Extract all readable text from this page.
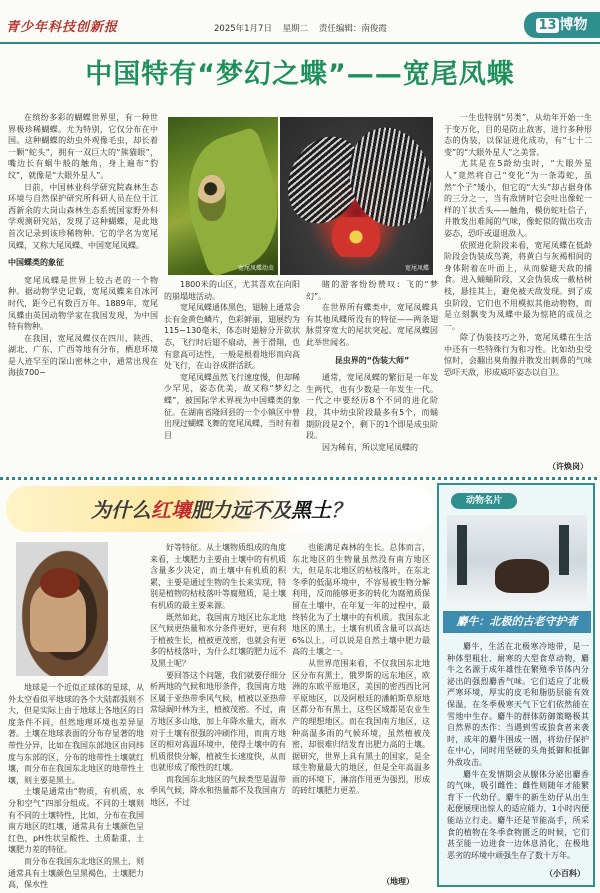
青少年科技创新报	2025年1月7日 星期二 责任编辑：南俊霞	13 博物
中国特有“梦幻之蝶”——宽尾凤蝶

在缤纷多彩的蝴蝶世界里，有一种世界极珍稀蝴蝶。尤为特别，它仅分布在中国。这种蝴蝶的幼虫外观像毛虫，却长着一颗“蛇头”，拥有一双巨大的“熊猫眼”，嘴边长有蜗牛般的触角，身上遍布“豹纹”，就像是“大眼外星人”。

日前，中国林业科学研究院森林生态环境与自然保护研究所科研人员在位于江西新余的大岗山森林生态系统国家野外科学观测研究站，发现了这种蝴蝶，是此地首次记录到该珍稀物种。它的学名为宽尾凤蝶，又称大尾凤蝶、中国宽尾凤蝶。

中国蝶类的象征

宽尾凤蝶是世界上较古老的一个物种。据动物学史记载，宽尾凤蝶来自冰河时代，距今已有数百万年。1889年，宽尾凤蝶由英国动物学家在我国发现，为中国特有物种。

在我国，宽尾凤蝶仅在四川、陕西、湖北、广东、广西等地有分布，栖息环境是人迹罕至的深山密林之中，通常出现在海拔700~

宽尾凤蝶幼虫	宽尾凤蝶

1800米的山区，尤其喜欢在向阳的崩塌地活动。

宽尾凤蝶通体黑色，翅膀上通常会长有金黄色鳞片，色彩鲜丽，翅展约为115~130毫米，体态时翅膀分开欲状态，飞行时后翅不扇动，善于滑翔，也有意高可达性，一般是根着地形而向高处飞行，在山谷成群活跃。

宽尾凤蝶虽然飞行速度慢，但却稀少罕见，姿态优美，故又称“梦幻之蝶”，被国际学术界视为中国蝶类的象征。在湖南省隆回县的一个小镇区中曾出现过蝴蝶飞舞的宽尾凤蝶，当时有着目

睹的游客纷纷赞叹：飞的“梦幻”。

在世界所有蝶类中，宽尾凤蝶具有其他凤蝶所没有的特征——两条翅脉贯穿宽大的尾状突起。宽尾凤蝶因此举世闻名。

昆虫界的“伪装大师”

通常，宽尾凤蝶的繁衍是一年发生两代，也有少数是一年发生一代。一代之中要经历8个不同的进化阶段，其中幼虫阶段最多有5个，而蛹期阶段是2个，剩下的1个即是成虫阶段。

因为稀有，所以宽尾凤蝶的

一生也特别“另类”，从幼年开始一生于变万化，目的是防止敌害，进行多种形态的伪装，以保证进化成功，有“七十二变”的“大眼外星人”之美誉。

尤其是在5龄幼虫时，“大眼外星人”竟然将自己“变化”为一条毒蛇，虽然“个子”矮小，但它的“大头”却占据身体的三分之一，当有敌情时它会吐出像蛇一样的丫状舌头——触角，模仿蛇吐信子，并散发出难闻的气味，像蛇似的做出攻击姿态，恐吓或逼退敌人。

依照进化阶段来看，宽尾凤蝶在低龄阶段会伪装成鸟粪，将黄白与灰褐相间的身体附着在叶面上，从而躲避天敌的捕食。进入蛹蛹阶段，又会伪装成一截枯树枝，悬挂其上，避免被天敌发现。到了成虫阶段，它们也不用模拟其他动物物，而是立刻飘变为凤蝶中最为惊艳的成员之一。

除了伪装技巧之外，宽尾凤蝶在生活中还有一些特殊行为和习性。比如幼虫受惊时，会翻出臭角腺并散发出刺鼻的气味恐吓天敌，形成威吓姿态以自卫。

（许焕岗）
为什么红壤肥力远不及黑土？

地球是一个近似正球体的星球，从外太空看似平地球的各个大陆都弧则不大，但是实际上由于地球上各地区的日度条件不同，但然地理环境也差异显著。土壤在地球表面的分布存显著的地带性分异，比如在我国东部地区由同纬度与东部的区，分布的地带性土壤就红壤，而分布在我国东北地区的地带性土壤，则主要是黑土。

土壤是通常由“物质，有机质、水分和空气”四部分组成。不同的土壤则有不同的土壤特性，比如，分布在我国南方地区的红壤，通常具有土壤颜色呈红色，pH性状呈酸性、土质黏重、土壤肥力差的特征。

而分布在我国东北地区的黑土，则通常具有土壤颜色呈黑褐色，土壤肥力高，保水性

好等特征。从土壤物质组成的角度来看，土壤肥力主要由土壤中的有机质含量多少决定，而土壤中有机质的积累，主要是通过生物的生长来实现，特别是植物的枯枝落叶等腐殖质，是土壤有机质的最主要来源。

既然如此，我国南方地区比东北地区气候更热量和水分条件更好，更有利于植被生长，植被更茂密，也就会有更多的枯枝落叶，为什么红壤的肥力远不及黑土呢？

要回答这个问题，我们就要仔细分析两地的气候和地形条件，我国南方地区属于亚热带季风气候，植被以亚热带常绿阔叶林为主，植被茂密。不过，南方地区多山地，加上年降水量大，雨水对于土壤有很强的冲刷作用，而南方地区的相对高温环境中，使得土壤中的有机质很快分解，植被生长速度快，从而也就形成了酸性的红壤。

而我国东北地区的气候类型是温带季风气候，降水和热量都不及我国南方地区，不过

也能满足森林的生长。总体而言，东北地区的生物量虽然没有南方地区大，但是东北地区的枯枝落叶，在东北冬季的低温环境中，不容易被生物分解利用，反而能够更多的转化为腐殖质保留在土壤中，在年复一年的过程中，最终转化为了土壤中的有机质。我国东北地区的黑土，土壤有机质含量可以高达6%以上，可以说是自然土壤中肥力最高的土壤之一。

从世界范围来看，不仅我国东北地区分布有黑土，俄罗斯的远东地区，欧洲的东欧平原地区，美国的密西西比河平原地区，以及阿根廷的潘帕斯草原地区都分布有黑土，这些区域都是农业生产的理想地区。而在我国南方地区，这种高温多雨的气候环境，虽然植被茂密，却很难归结发育出肥力高的土壤。据研究，世界上具有黑土的国家，是全球生物量最大的地区，但是全年高温多雨的环境下，淋溶作用更为强烈，形成的砖红壤肥力更差。

（地理）
动物名片
麝牛：北极的古老守护者

麝牛，生活在北极寒冷地带，是一种体型粗壮、耐寒的大型食草动物，麝牛之名源于成年雄性在繁殖季节体内分泌出的强烈麝香气味。它们适应了北极严寒环境，厚实的皮毛和脂肪层能有效保温，在冬季极寒天气下它们依然能在雪地中生存。麝牛的群体防御策略极其自然界的杰作：当遇到雪或狼食者来袭时，成年的麝牛围成一圈，将幼仔保护在中心，同时用坚硬的头角抵御和抵御外敌攻击。

麝牛在发情期会从腺体分泌出麝香的气味，吸引雌性；雌性则随年才能繁育下一代幼仔。麝牛的新生幼仔从出生起便展现出惊人的适应能力，1小时内便能站立行走。麝牛还是节能高手，所采食的植物在冬季食物匮乏的时候，它们甚至能一边进食一边休息消化，在极地恶劣的环境中顽强生存了数十万年。

（小百科）
